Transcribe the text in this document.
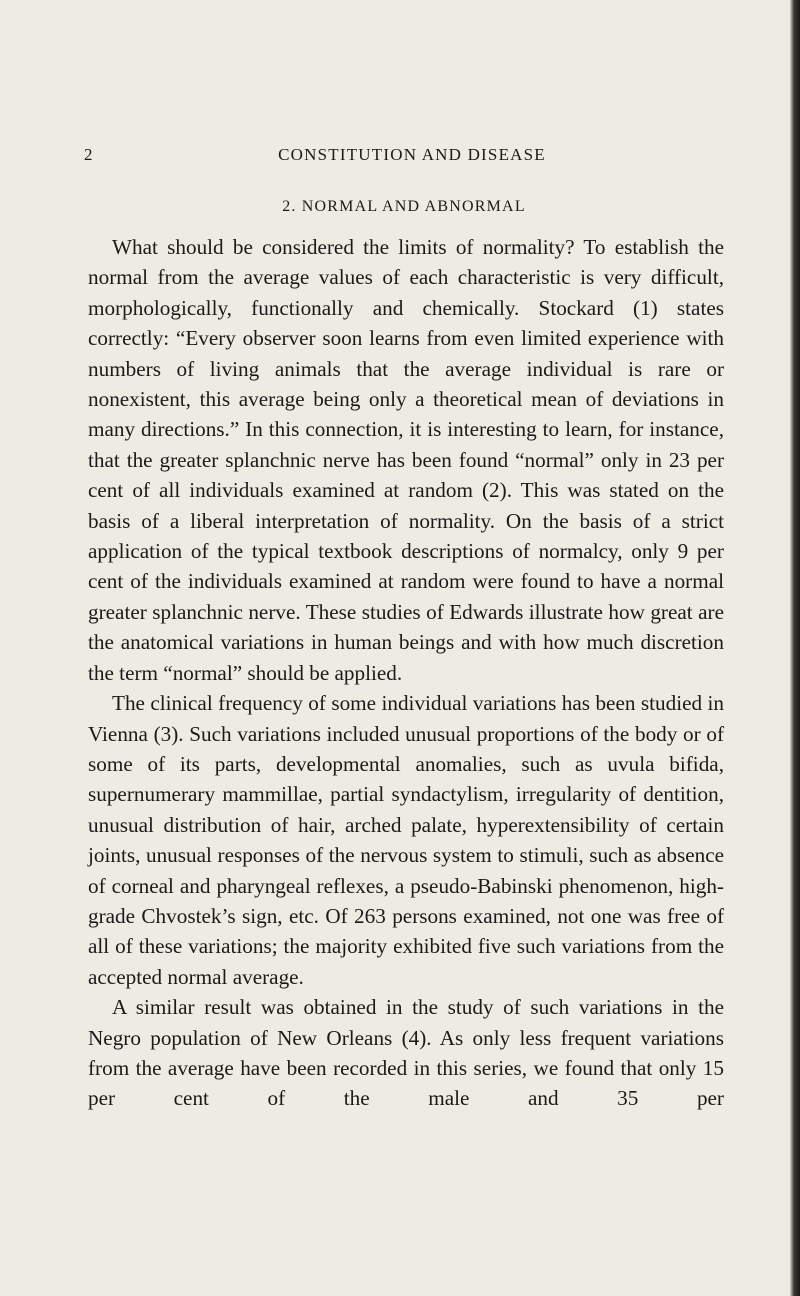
2	CONSTITUTION AND DISEASE
2. NORMAL AND ABNORMAL

What should be considered the limits of normality? To establish the normal from the average values of each characteristic is very difficult, morphologically, functionally and chemically. Stockard (1) states correctly: “Every observer soon learns from even limited experience with numbers of living animals that the average individual is rare or nonexistent, this average being only a theoretical mean of deviations in many directions.” In this connection, it is interesting to learn, for instance, that the greater splanchnic nerve has been found “normal” only in 23 per cent of all individuals examined at random (2). This was stated on the basis of a liberal interpretation of normality. On the basis of a strict application of the typical textbook descriptions of normalcy, only 9 per cent of the individuals examined at random were found to have a normal greater splanchnic nerve. These studies of Edwards illustrate how great are the anatomical variations in human beings and with how much discretion the term “normal” should be applied.

The clinical frequency of some individual variations has been studied in Vienna (3). Such variations included unusual proportions of the body or of some of its parts, developmental anomalies, such as uvula bifida, supernumerary mammillae, partial syndactylism, irregularity of dentition, unusual distribution of hair, arched palate, hyperextensibility of certain joints, unusual responses of the nervous system to stimuli, such as absence of corneal and pharyngeal reflexes, a pseudo-Babinski phenomenon, high-grade Chvostek’s sign, etc. Of 263 persons examined, not one was free of all of these variations; the majority exhibited five such variations from the accepted normal average.

A similar result was obtained in the study of such variations in the Negro population of New Orleans (4). As only less frequent variations from the average have been recorded in this series, we found that only 15 per cent of the male and 35 per
